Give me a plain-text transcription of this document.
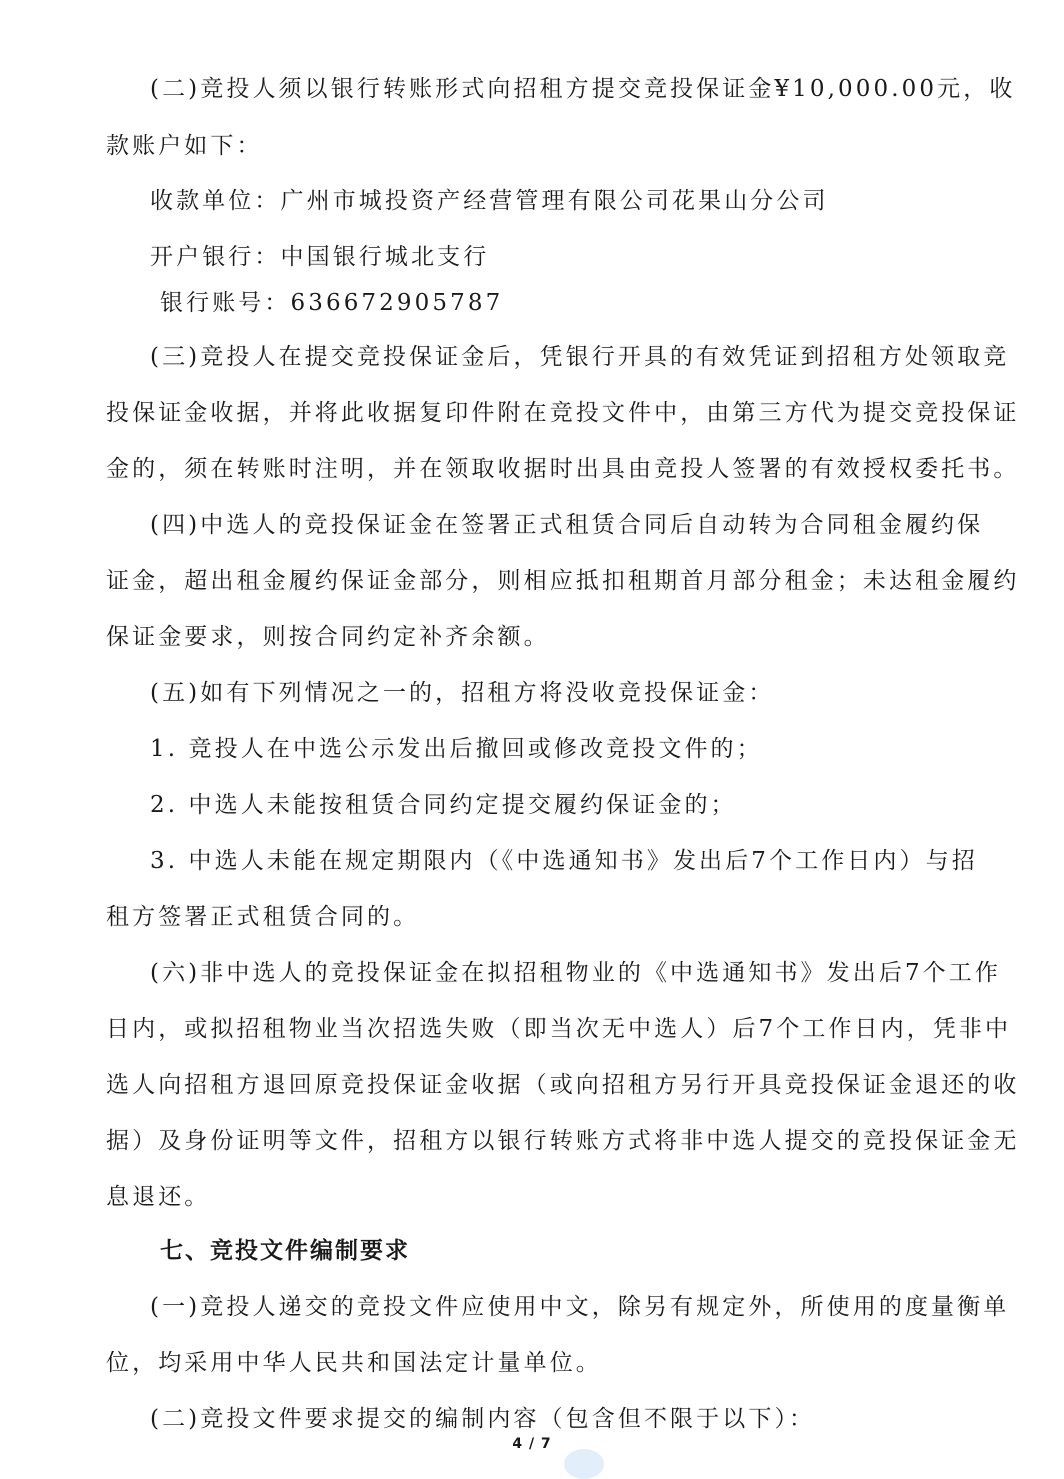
(二)竞投人须以银行转账形式向招租方提交竞投保证金¥10,000.00元，收
款账户如下：
收款单位：广州市城投资产经营管理有限公司花果山分公司
开户银行：中国银行城北支行
银行账号：636672905787
(三)竞投人在提交竞投保证金后，凭银行开具的有效凭证到招租方处领取竞
投保证金收据，并将此收据复印件附在竞投文件中，由第三方代为提交竞投保证
金的，须在转账时注明，并在领取收据时出具由竞投人签署的有效授权委托书。
(四)中选人的竞投保证金在签署正式租赁合同后自动转为合同租金履约保
证金，超出租金履约保证金部分，则相应抵扣租期首月部分租金；未达租金履约
保证金要求，则按合同约定补齐余额。
(五)如有下列情况之一的，招租方将没收竞投保证金：
1. 竞投人在中选公示发出后撤回或修改竞投文件的；
2. 中选人未能按租赁合同约定提交履约保证金的；
3. 中选人未能在规定期限内（《中选通知书》发出后7个工作日内）与招
租方签署正式租赁合同的。
(六)非中选人的竞投保证金在拟招租物业的《中选通知书》发出后7个工作
日内，或拟招租物业当次招选失败（即当次无中选人）后7个工作日内，凭非中
选人向招租方退回原竞投保证金收据（或向招租方另行开具竞投保证金退还的收
据）及身份证明等文件，招租方以银行转账方式将非中选人提交的竞投保证金无
息退还。
七、竞投文件编制要求
(一)竞投人递交的竞投文件应使用中文，除另有规定外，所使用的度量衡单
位，均采用中华人民共和国法定计量单位。
(二)竞投文件要求提交的编制内容（包含但不限于以下）：
4 / 7
